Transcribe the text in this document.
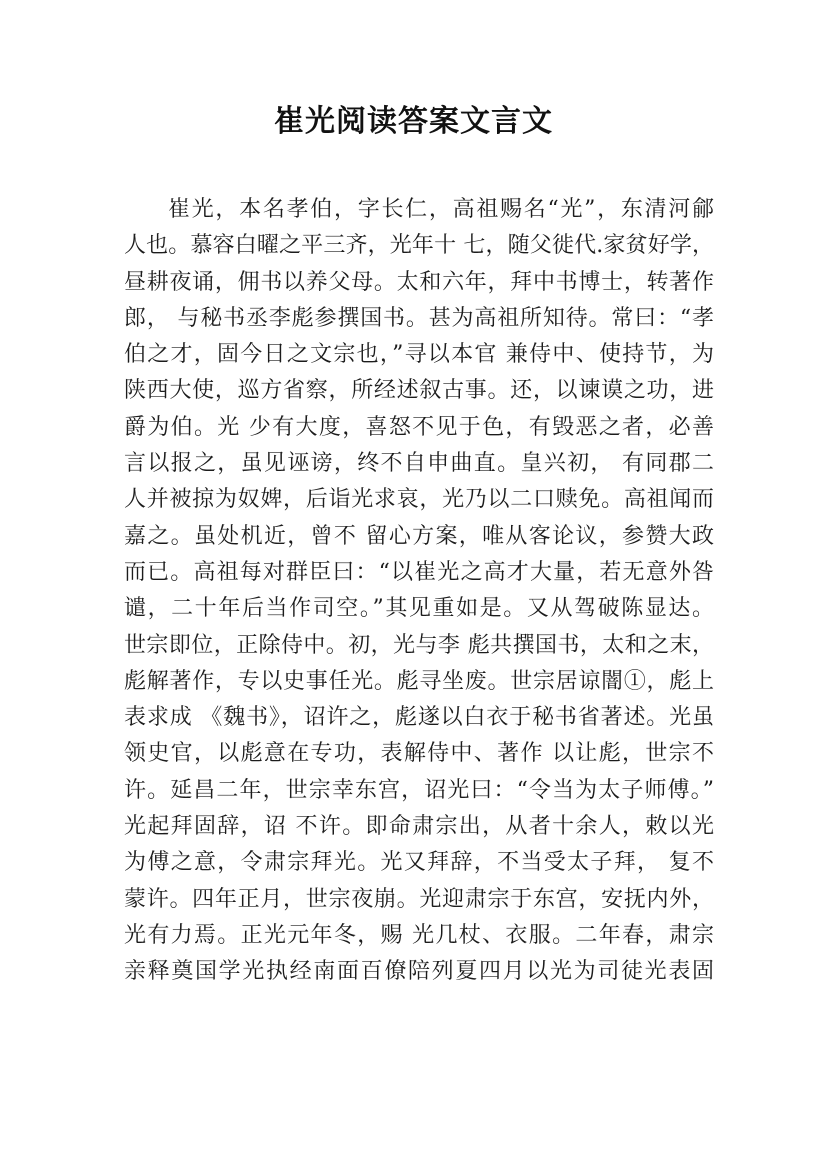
崔光阅读答案文言文
崔光，本名孝伯，字长仁，高祖赐名“光”，东清河鄃
人也。慕容白曜之平三齐，光年十 七，随父徙代.家贫好学，
昼耕夜诵，佣书以养父母。太和六年，拜中书博士，转著作
郎， 与秘书丞李彪参撰国书。甚为高祖所知待。常曰：“孝
伯之才，固今日之文宗也，”寻以本官 兼侍中、使持节，为
陕西大使，巡方省察，所经述叙古事。还，以谏谟之功，进
爵为伯。光 少有大度，喜怒不见于色，有毁恶之者，必善
言以报之，虽见诬谤，终不自申曲直。皇兴初， 有同郡二
人并被掠为奴婢，后诣光求哀，光乃以二口赎免。高祖闻而
嘉之。虽处机近，曾不 留心方案，唯从客论议，参赞大政
而已。高祖每对群臣曰：“以崔光之高才大量，若无意外咎
谴，二十年后当作司空。”其见重如是。又从驾破陈显达。
世宗即位，正除侍中。初，光与李 彪共撰国书，太和之末，
彪解著作，专以史事任光。彪寻坐废。世宗居谅闇①，彪上
表求成 《魏书》，诏许之，彪遂以白衣于秘书省著述。光虽
领史官，以彪意在专功，表解侍中、著作 以让彪，世宗不
许。延昌二年，世宗幸东宫，诏光曰：“令当为太子师傅。”
光起拜固辞，诏 不许。即命肃宗出，从者十余人，敕以光
为傅之意，令肃宗拜光。光又拜辞，不当受太子拜， 复不
蒙许。四年正月，世宗夜崩。光迎肃宗于东宫，安抚内外，
光有力焉。正光元年冬，赐 光几杖、衣服。二年春，肃宗
亲释奠国学光执经南面百僚陪列夏四月以光为司徒光表固
